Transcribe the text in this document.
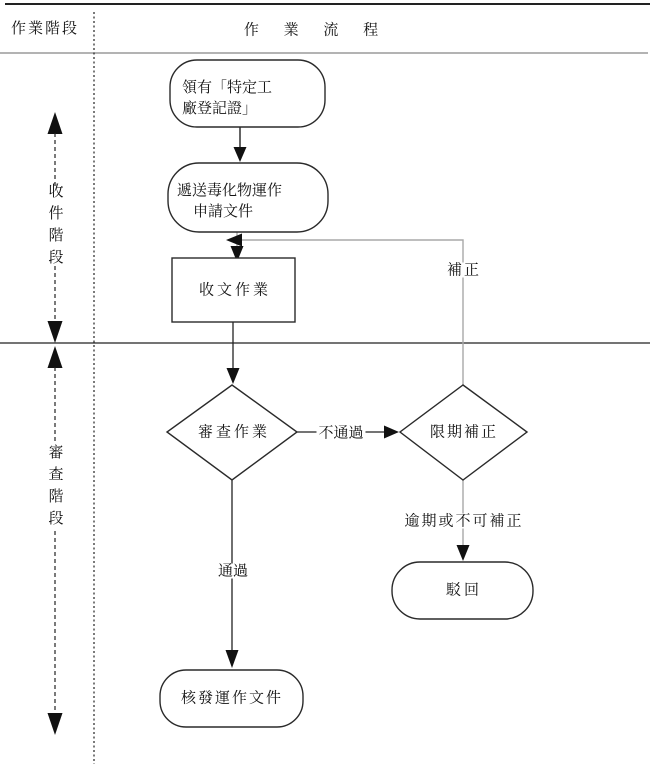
作業階段	作 業 流 程
收件階段
審查階段
領有「特定工
廠登記證」
遞送毒化物運作
申請文件
收文作業
審查作業	限期補正
駁回
核發運作文件
補正
不通過
逾期或不可補正
通過
